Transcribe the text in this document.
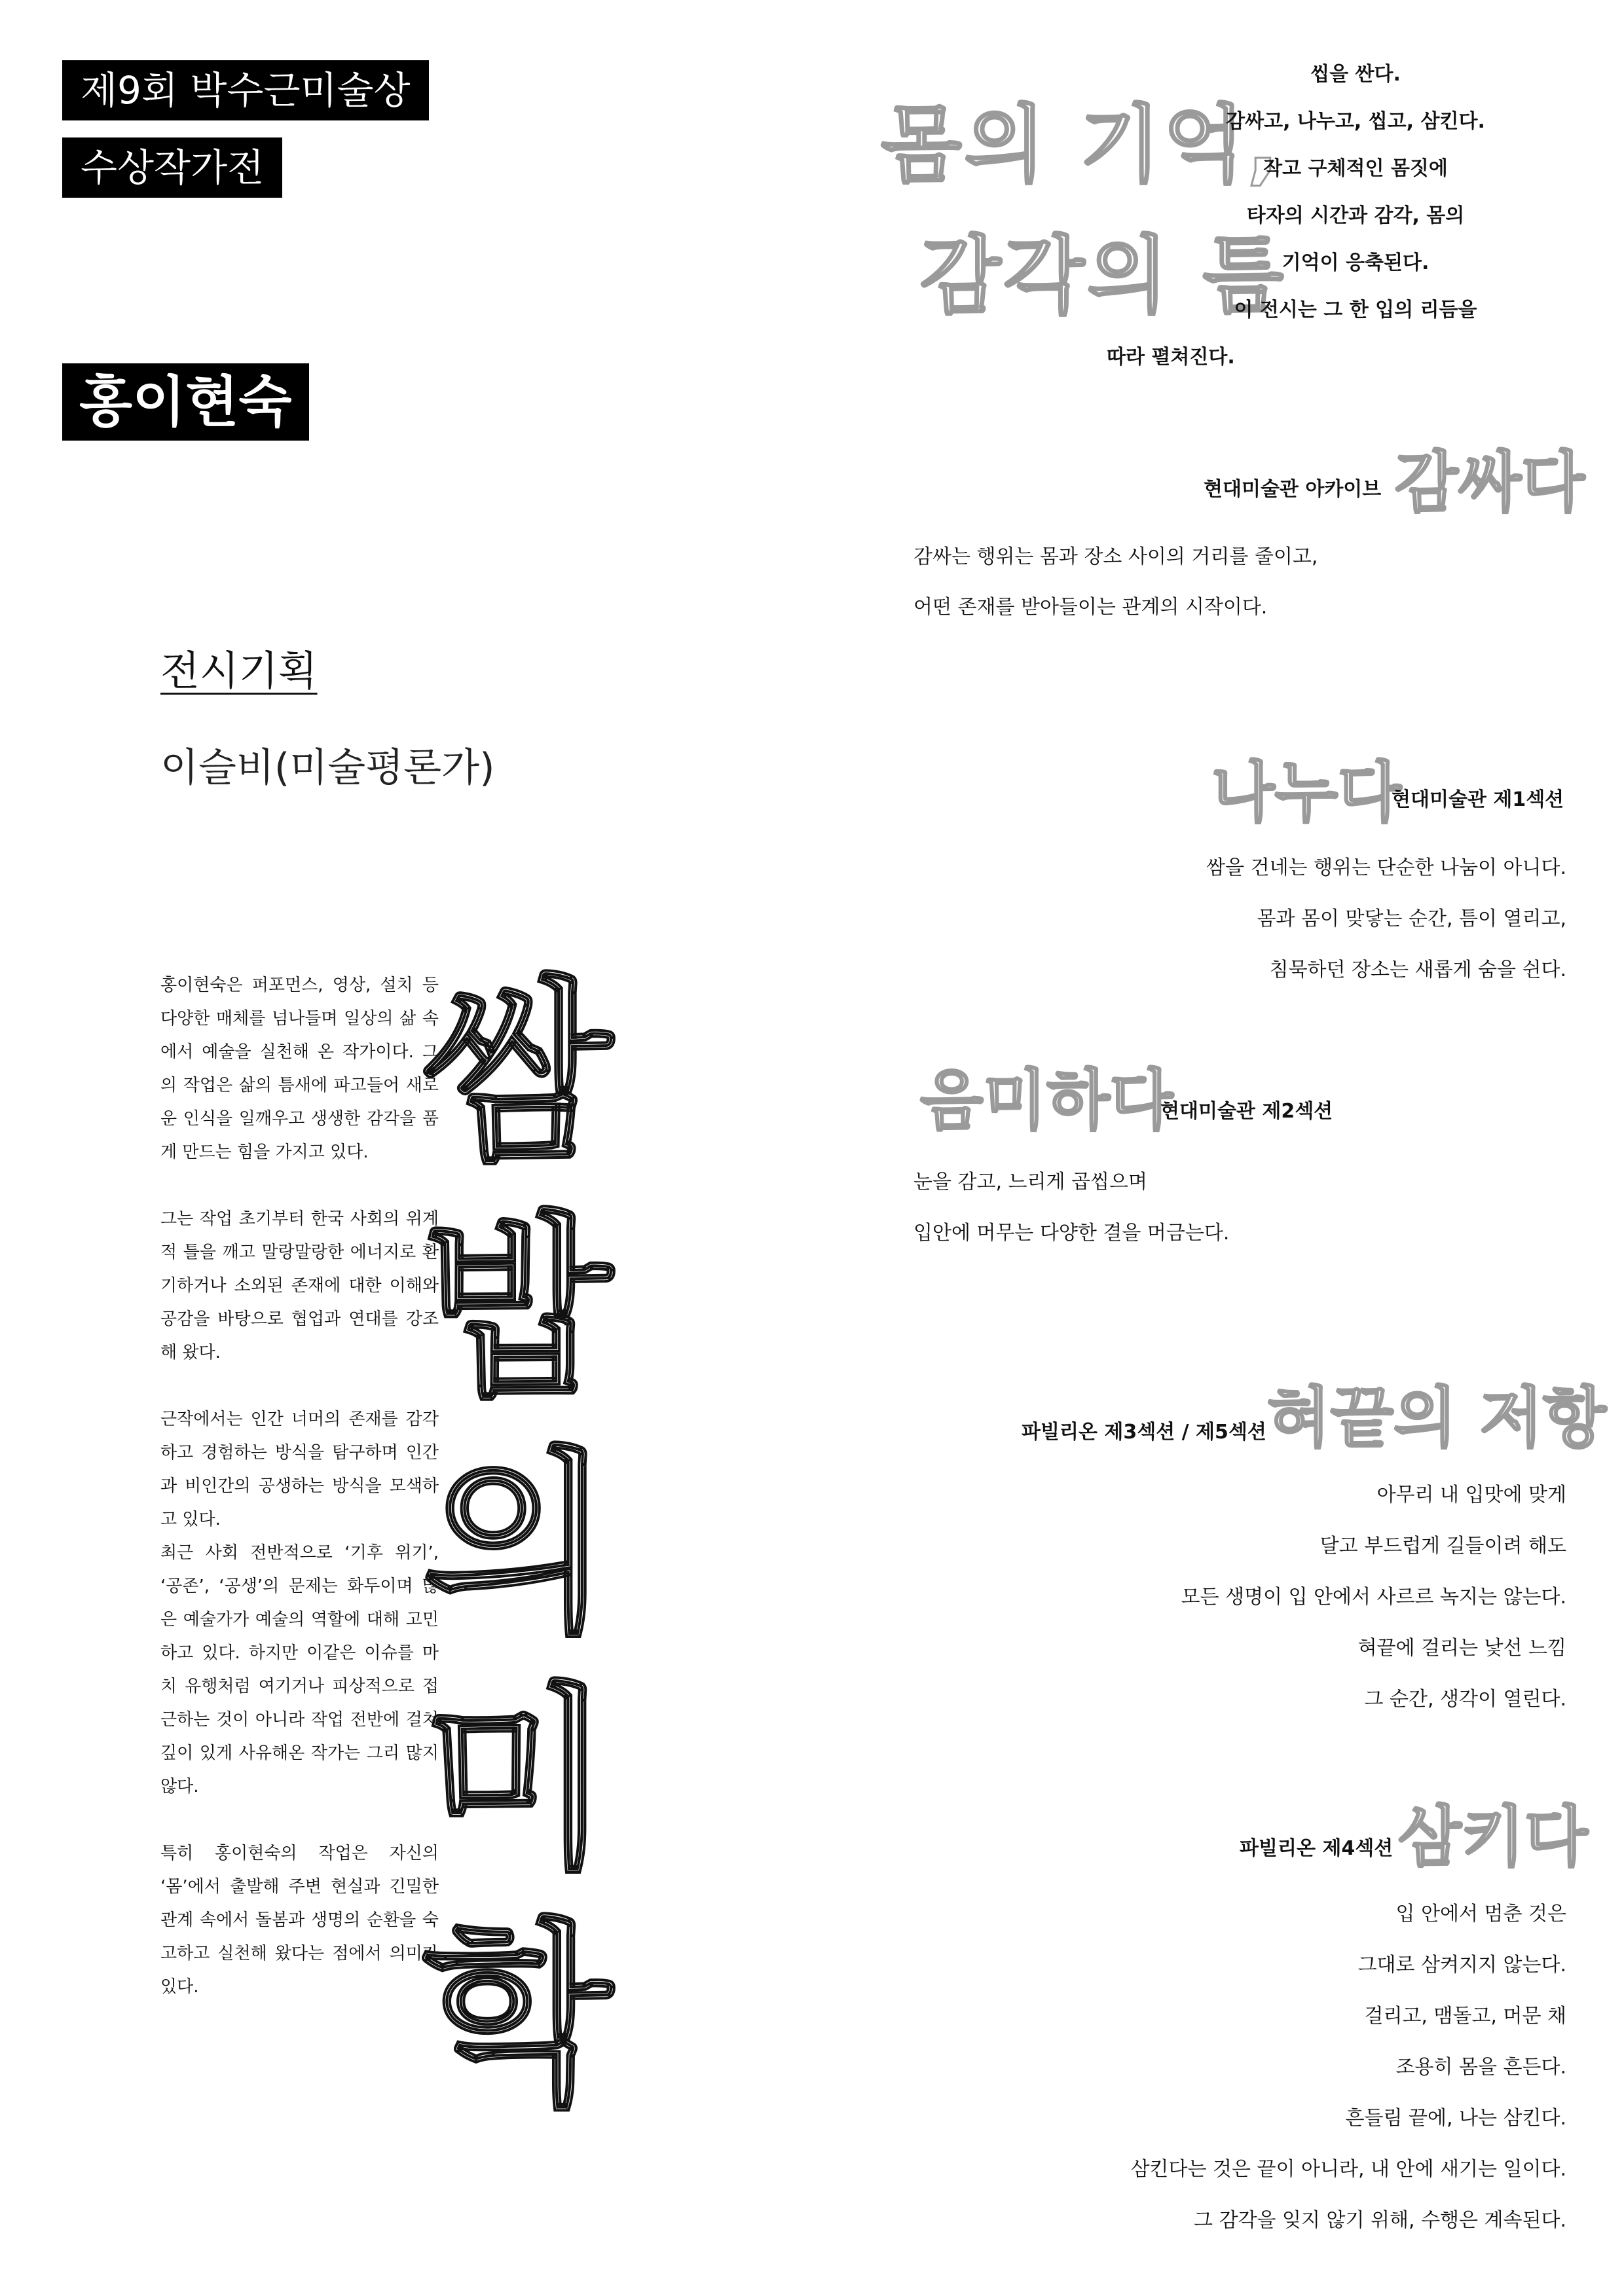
제9회 박수근미술상
수상작가전
홍이현숙
몸의 기억,
감각의 틈
씹을 싼다.
감싸고, 나누고, 씹고, 삼킨다.
작고 구체적인 몸짓에
타자의 시간과 감각, 몸의
기억이 응축된다.
이 전시는 그 한 입의 리듬을
따라 펼쳐진다.
전시기획
이슬비(미술평론가)

홍이현숙은 퍼포먼스, 영상, 설치 등 다양한 매체를 넘나들며 일상의 삶 속에서 예술을 실천해 온 작가이다. 그의 작업은 삶의 틈새에 파고들어 새로운 인식을 일깨우고 생생한 감각을 품게 만드는 힘을 가지고 있다.

그는 작업 초기부터 한국 사회의 위계적 틀을 깨고 말랑말랑한 에너지로 환기하거나 소외된 존재에 대한 이해와 공감을 바탕으로 협업과 연대를 강조해 왔다.

근작에서는 인간 너머의 존재를 감각하고 경험하는 방식을 탐구하며 인간과 비인간의 공생하는 방식을 모색하고 있다.

최근 사회 전반적으로 ‘기후 위기’, ‘공존’, ‘공생’의 문제는 화두이며 많은 예술가가 예술의 역할에 대해 고민하고 있다. 하지만 이같은 이슈를 마치 유행처럼 여기거나 피상적으로 접근하는 것이 아니라 작업 전반에 걸쳐 깊이 있게 사유해온 작가는 그리 많지 않다.

특히 홍이현숙의 작업은 자신의 ‘몸’에서 출발해 주변 현실과 긴밀한 관계 속에서 돌봄과 생명의 순환을 숙고하고 실천해 왔다는 점에서 의미가 있다.

쌈
밥
의
미
학
현대미술관 아카이브 감싸다
감싸는 행위는 몸과 장소 사이의 거리를 줄이고,
어떤 존재를 받아들이는 관계의 시작이다.
나누다
현대미술관 제1섹션
쌈을 건네는 행위는 단순한 나눔이 아니다.
몸과 몸이 맞닿는 순간, 틈이 열리고,
침묵하던 장소는 새롭게 숨을 쉰다.
음미하다
현대미술관 제2섹션
눈을 감고, 느리게 곱씹으며
입안에 머무는 다양한 결을 머금는다.
파빌리온 제3섹션 / 제5섹션 혀끝의 저항
아무리 내 입맛에 맞게
달고 부드럽게 길들이려 해도
모든 생명이 입 안에서 사르르 녹지는 않는다.
혀끝에 걸리는 낯선 느낌
그 순간, 생각이 열린다.
파빌리온 제4섹션 삼키다
입 안에서 멈춘 것은
그대로 삼켜지지 않는다.
걸리고, 맴돌고, 머문 채
조용히 몸을 흔든다.
흔들림 끝에, 나는 삼킨다.
삼킨다는 것은 끝이 아니라, 내 안에 새기는 일이다.
그 감각을 잊지 않기 위해, 수행은 계속된다.
